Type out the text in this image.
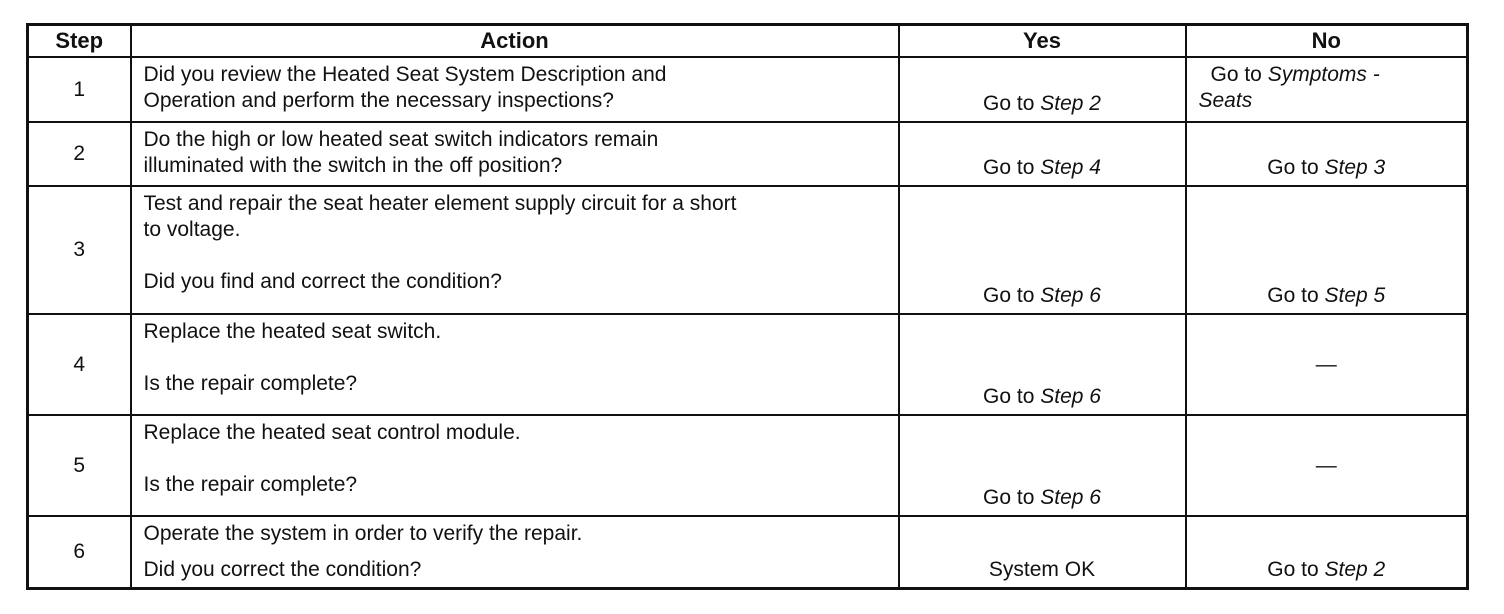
Step	Action	Yes	No
1	Did you review the Heated Seat System Description and
Operation and perform the necessary inspections?	Go to Step 2	Go to Symptoms -
Seats
2	Do the high or low heated seat switch indicators remain
illuminated with the switch in the off position?	Go to Step 4	Go to Step 3
3	Test and repair the seat heater element supply circuit for a short
to voltage.
Did you find and correct the condition?	Go to Step 6	Go to Step 5
4	Replace the heated seat switch.
Is the repair complete?	Go to Step 6	—
5	Replace the heated seat control module.
Is the repair complete?	Go to Step 6	—
6	Operate the system in order to verify the repair.
Did you correct the condition?	System OK	Go to Step 2
